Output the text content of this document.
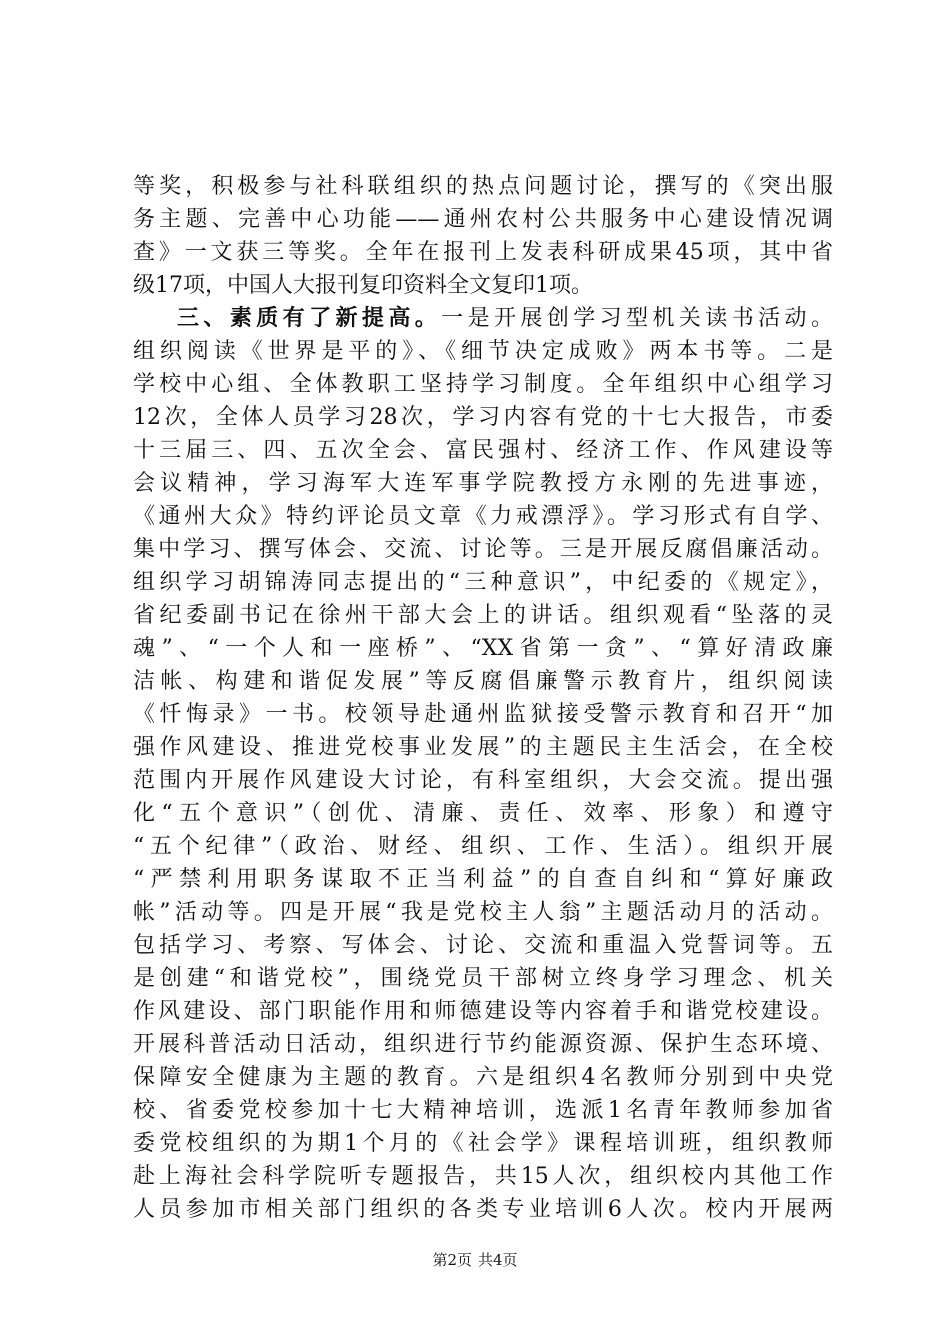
等奖，积极参与社科联组织的热点问题讨论，撰写的《突出服
务主题、完善中心功能——通州农村公共服务中心建设情况调
查》一文获三等奖。全年在报刊上发表科研成果45项，其中省
级17项，中国人大报刊复印资料全文复印1项。
三、素质有了新提高。一是开展创学习型机关读书活动。
组织阅读《世界是平的》、《细节决定成败》两本书等。二是
学校中心组、全体教职工坚持学习制度。全年组织中心组学习
12次，全体人员学习28次，学习内容有党的十七大报告，市委
十三届三、四、五次全会、富民强村、经济工作、作风建设等
会议精神，学习海军大连军事学院教授方永刚的先进事迹，
《通州大众》特约评论员文章《力戒漂浮》。学习形式有自学、
集中学习、撰写体会、交流、讨论等。三是开展反腐倡廉活动。
组织学习胡锦涛同志提出的“三种意识”，中纪委的《规定》，
省纪委副书记在徐州干部大会上的讲话。组织观看“坠落的灵
魂”、“一个人和一座桥”、“XX省第一贪”、“算好清政廉
洁帐、构建和谐促发展”等反腐倡廉警示教育片，组织阅读
《忏悔录》一书。校领导赴通州监狱接受警示教育和召开“加
强作风建设、推进党校事业发展”的主题民主生活会，在全校
范围内开展作风建设大讨论，有科室组织，大会交流。提出强
化“五个意识”（创优、清廉、责任、效率、形象）和遵守
“五个纪律”（政治、财经、组织、工作、生活）。组织开展
“严禁利用职务谋取不正当利益”的自查自纠和“算好廉政
帐”活动等。四是开展“我是党校主人翁”主题活动月的活动。
包括学习、考察、写体会、讨论、交流和重温入党誓词等。五
是创建“和谐党校”，围绕党员干部树立终身学习理念、机关
作风建设、部门职能作用和师德建设等内容着手和谐党校建设。
开展科普活动日活动，组织进行节约能源资源、保护生态环境、
保障安全健康为主题的教育。六是组织4名教师分别到中央党
校、省委党校参加十七大精神培训，选派1名青年教师参加省
委党校组织的为期1个月的《社会学》课程培训班，组织教师
赴上海社会科学院听专题报告，共15人次，组织校内其他工作
人员参加市相关部门组织的各类专业培训6人次。校内开展两
第2页 共4页
